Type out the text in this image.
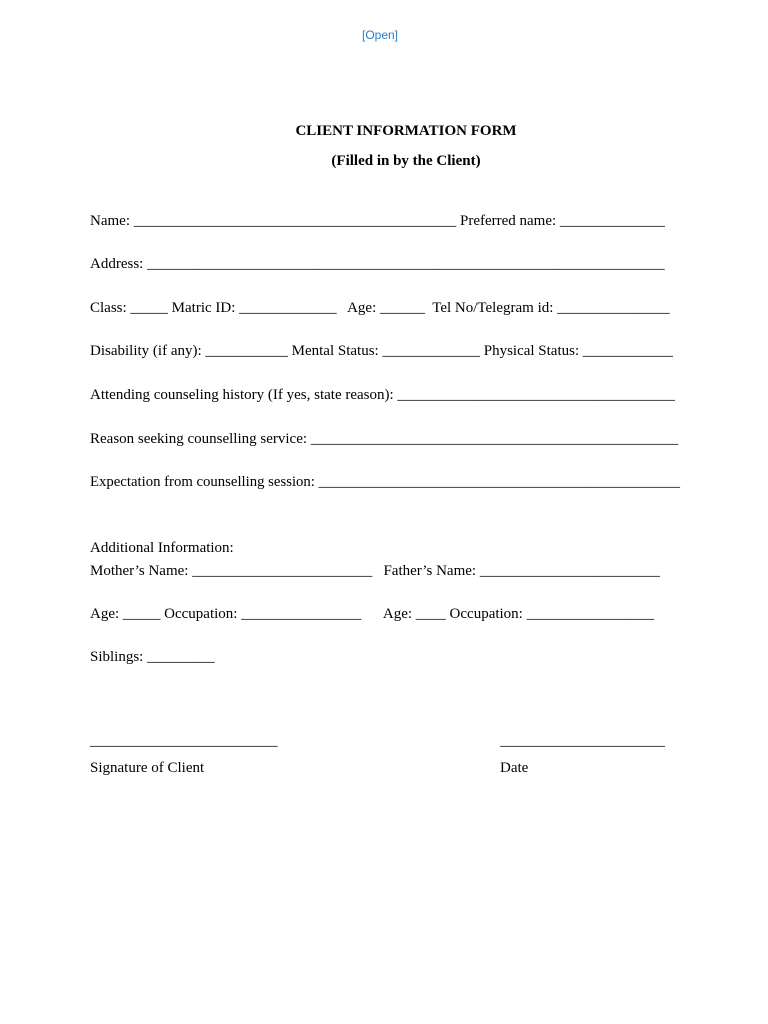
[Open]
CLIENT INFORMATION FORM
(Filled in by the Client)
Name: ___________________________________________ Preferred name: ______________
Address: _____________________________________________________________________
Class: _____ Matric ID: _____________   Age: ______  Tel No/Telegram id: _______________
Disability (if any): ___________ Mental Status: _____________ Physical Status: ____________
Attending counseling history (If yes, state reason): _____________________________________
Reason seeking counselling service: _________________________________________________
Expectation from counselling session: _________________________________________________
Additional Information:
Mother’s Name: ________________________   Father’s Name: ________________________
Age: _____ Occupation: ________________      Age: ____ Occupation: _________________
Siblings: _________
_________________________	______________________
Signature of Client	Date
